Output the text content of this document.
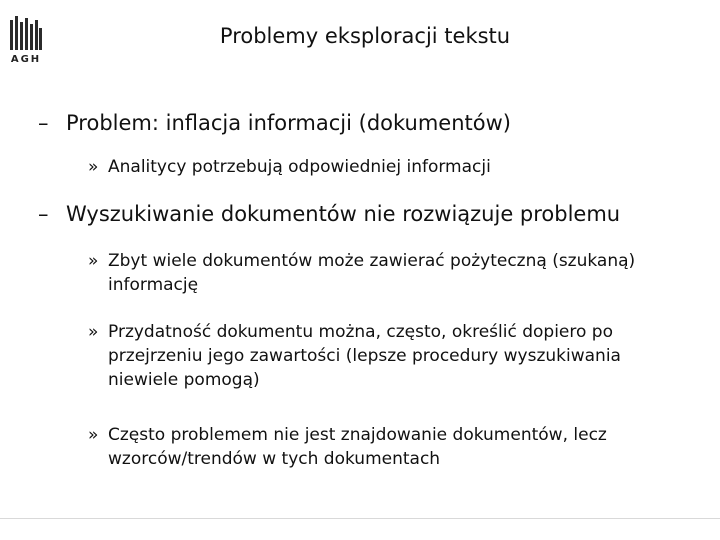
AGH
Problemy eksploracji tekstu
– Problem: inflacja informacji (dokumentów)
» Analitycy potrzebują odpowiedniej informacji
– Wyszukiwanie dokumentów nie rozwiązuje problemu
» Zbyt wiele dokumentów może zawierać pożyteczną (szukaną) informację
» Przydatność dokumentu można, często, określić dopiero po przejrzeniu jego zawartości (lepsze procedury wyszukiwania niewiele pomogą)
» Często problemem nie jest znajdowanie dokumentów, lecz wzorców/trendów w tych dokumentach
